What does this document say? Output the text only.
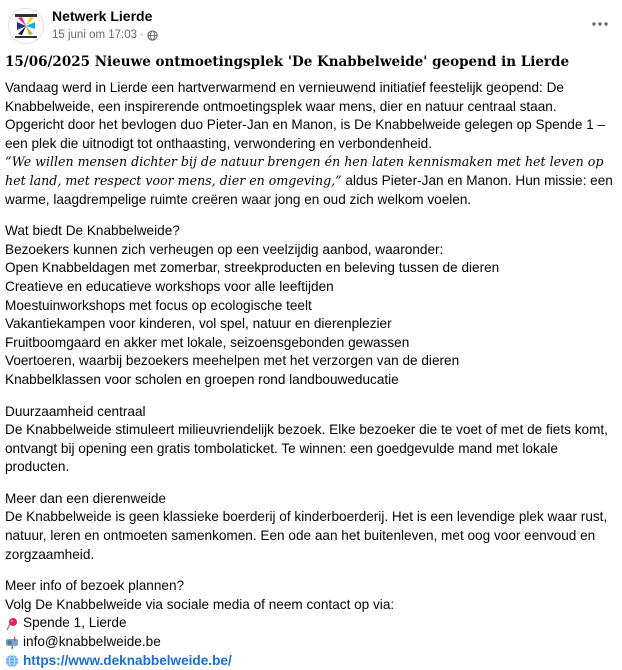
Netwerk Lierde
15 juni om 17:03 ·
15/06/2025 Nieuwe ontmoetingsplek 'De Knabbelweide' geopend in Lierde

Vandaag werd in Lierde een hartverwarmend en vernieuwend initiatief feestelijk geopend: De Knabbelweide, een inspirerende ontmoetingsplek waar mens, dier en natuur centraal staan. Opgericht door het bevlogen duo Pieter-Jan en Manon, is De Knabbelweide gelegen op Spende 1 – een plek die uitnodigt tot onthaasting, verwondering en verbondenheid.

“We willen mensen dichter bij de natuur brengen én hen laten kennismaken met het leven op het land, met respect voor mens, dier en omgeving,” aldus Pieter-Jan en Manon. Hun missie: een warme, laagdrempelige ruimte creëren waar jong en oud zich welkom voelen.

Wat biedt De Knabbelweide?

Bezoekers kunnen zich verheugen op een veelzijdig aanbod, waaronder:

Open Knabbeldagen met zomerbar, streekproducten en beleving tussen de dieren

Creatieve en educatieve workshops voor alle leeftijden

Moestuinworkshops met focus op ecologische teelt

Vakantiekampen voor kinderen, vol spel, natuur en dierenplezier

Fruitboomgaard en akker met lokale, seizoensgebonden gewassen

Voertoeren, waarbij bezoekers meehelpen met het verzorgen van de dieren

Knabbelklassen voor scholen en groepen rond landbouweducatie

Duurzaamheid centraal

De Knabbelweide stimuleert milieuvriendelijk bezoek. Elke bezoeker die te voet of met de fiets komt, ontvangt bij opening een gratis tombolaticket. Te winnen: een goedgevulde mand met lokale producten.

Meer dan een dierenweide

De Knabbelweide is geen klassieke boerderij of kinderboerderij. Het is een levendige plek waar rust, natuur, leren en ontmoeten samenkomen. Een ode aan het buitenleven, met oog voor eenvoud en zorgzaamheid.

Meer info of bezoek plannen?

Volg De Knabbelweide via sociale media of neem contact op via:

Spende 1, Lierde
info@knabbelweide.be
https://www.deknabbelweide.be/
